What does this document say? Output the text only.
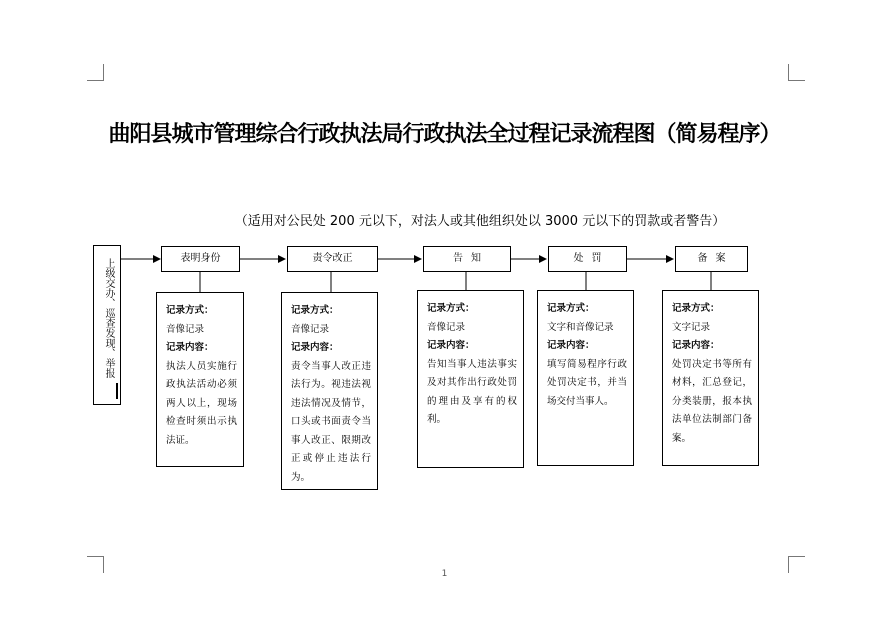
曲阳县城市管理综合行政执法局行政执法全过程记录流程图（简易程序）
（适用对公民处 200 元以下，对法人或其他组织处以 3000 元以下的罚款或者警告）
上级交办、巡查发现、举报	表明身份	责令改正	告知	处罚	备案
记录方式：
音像记录
记录内容：
执法人员实施行政执法活动必须两人以上，现场检查时须出示执法证。
记录方式：
音像记录
记录内容：
责令当事人改正违法行为。视违法视违法情况及情节，口头或书面责令当事人改正、限期改正或停止违法行为。
记录方式：
音像记录
记录内容：
告知当事人违法事实及对其作出行政处罚的理由及享有的权利。
记录方式：
文字和音像记录
记录内容：
填写简易程序行政处罚决定书，并当场交付当事人。
记录方式：
文字记录
记录内容：
处罚决定书等所有材料，汇总登记，分类装册，报本执法单位法制部门备案。
1
